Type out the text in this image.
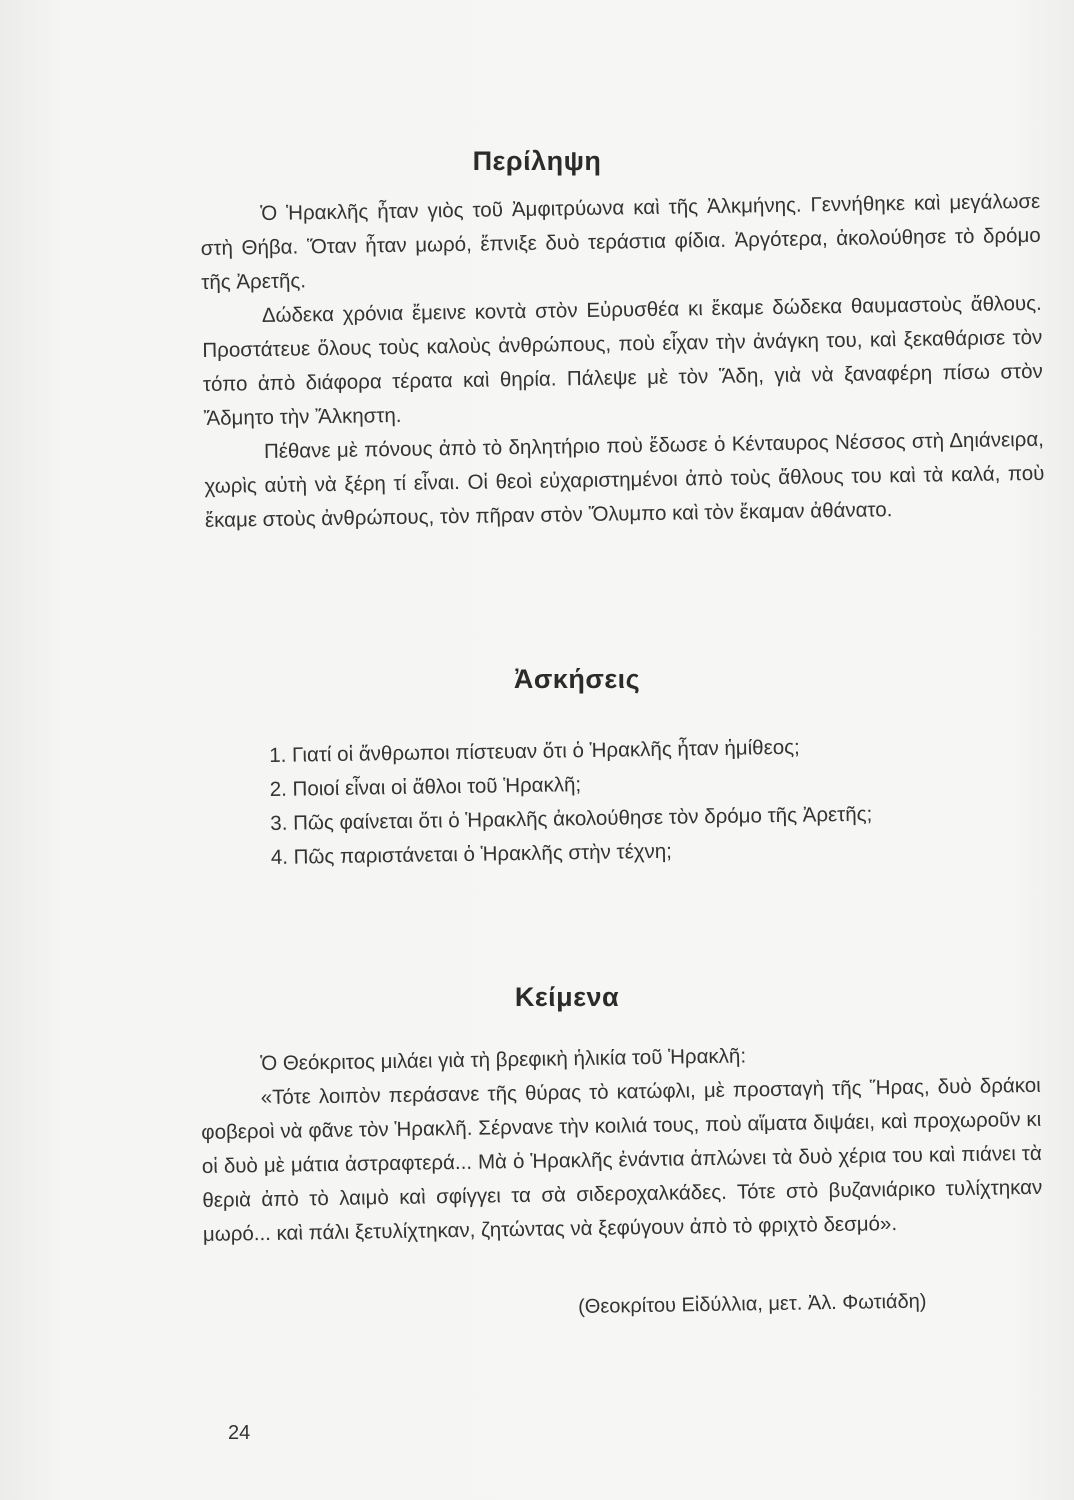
Περίληψη

Ὁ Ἡρακλῆς ἦταν γιὸς τοῦ Ἀμφιτρύωνα καὶ τῆς Ἀλκμήνης. Γεννήθηκε καὶ μεγάλωσε στὴ Θήβα. Ὅταν ἦταν μωρό, ἔπνιξε δυὸ τεράστια φίδια. Ἀργότερα, ἀκολούθησε τὸ δρόμο τῆς Ἀρετῆς.

Δώδεκα χρόνια ἔμεινε κοντὰ στὸν Εὐρυσθέα κι ἔκαμε δώδεκα θαυμαστοὺς ἄθλους. Προστάτευε ὅλους τοὺς καλοὺς ἀνθρώπους, ποὺ εἶχαν τὴν ἀνάγκη του, καὶ ξεκαθάρισε τὸν τόπο ἀπὸ διάφορα τέρατα καὶ θηρία. Πάλεψε μὲ τὸν Ἅδη, γιὰ νὰ ξαναφέρη πίσω στὸν Ἄδμητο τὴν Ἄλκηστη.

Πέθανε μὲ πόνους ἀπὸ τὸ δηλητήριο ποὺ ἔδωσε ὁ Κένταυρος Νέσσος στὴ Δηιάνειρα, χωρὶς αὐτὴ νὰ ξέρη τί εἶναι. Οἱ θεοὶ εὐχαριστημένοι ἀπὸ τοὺς ἄθλους του καὶ τὰ καλά, ποὺ ἔκαμε στοὺς ἀνθρώπους, τὸν πῆραν στὸν Ὄλυμπο καὶ τὸν ἔκαμαν ἀθάνατο.

Ἀσκήσεις

1. Γιατί οἱ ἄνθρωποι πίστευαν ὅτι ὁ Ἡρακλῆς ἦταν ἡμίθεος;

2. Ποιοί εἶναι οἱ ἄθλοι τοῦ Ἡρακλῆ;

3. Πῶς φαίνεται ὅτι ὁ Ἡρακλῆς ἀκολούθησε τὸν δρόμο τῆς Ἀρετῆς;

4. Πῶς παριστάνεται ὁ Ἡρακλῆς στὴν τέχνη;

Κείμενα

Ὁ Θεόκριτος μιλάει γιὰ τὴ βρεφικὴ ἡλικία τοῦ Ἡρακλῆ:

«Τότε λοιπὸν περάσανε τῆς θύρας τὸ κατώφλι, μὲ προσταγὴ τῆς Ἥρας, δυὸ δράκοι φοβεροὶ νὰ φᾶνε τὸν Ἡρακλῆ. Σέρνανε τὴν κοιλιά τους, ποὺ αἵματα διψάει, καὶ προχωροῦν κι οἱ δυὸ μὲ μάτια ἀστραφτερά... Μὰ ὁ Ἡρακλῆς ἐνάντια ἁπλώνει τὰ δυὸ χέρια του καὶ πιάνει τὰ θεριὰ ἀπὸ τὸ λαιμὸ καὶ σφίγγει τα σὰ σιδεροχαλκάδες. Τότε στὸ βυζανιάρικο τυλίχτηκαν μωρό... καὶ πάλι ξετυλίχτηκαν, ζητώντας νὰ ξεφύγουν ἀπὸ τὸ φριχτὸ δεσμό».

(Θεοκρίτου Εἰδύλλια, μετ. Ἀλ. Φωτιάδη)
24
